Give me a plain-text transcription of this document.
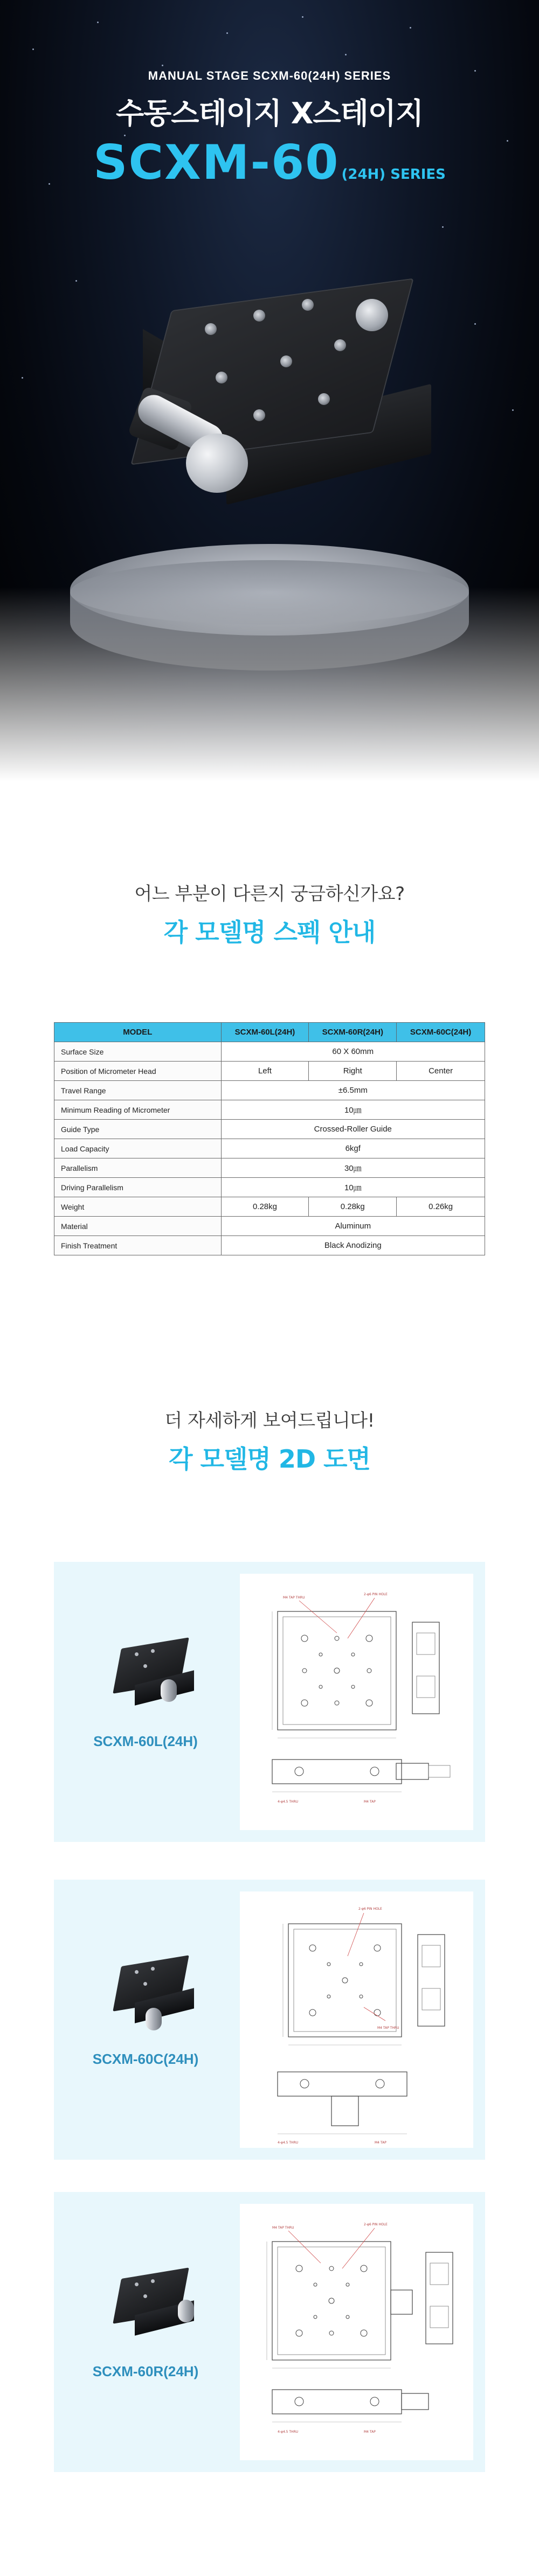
MANUAL STAGE SCXM-60(24H) SERIES
수동스테이지 X스테이지
SCXM-60 (24H) SERIES
어느 부분이 다른지 궁금하신가요?
각 모델명 스펙 안내
MODEL	SCXM-60L(24H)	SCXM-60R(24H)	SCXM-60C(24H)
Surface Size	60 X 60mm		
Position of Micrometer Head	Left	Right	Center
Travel Range	±6.5mm		
Minimum Reading of Micrometer	10㎛		
Guide Type	Crossed-Roller Guide		
Load Capacity	6kgf		
Parallelism	30㎛		
Driving Parallelism	10㎛		
Weight	0.28kg	0.28kg	0.26kg
Material	Aluminum		
Finish Treatment	Black Anodizing		
더 자세하게 보여드립니다!
각 모델명 2D 도면
SCXM-60L(24H)
M4 TAP THRU
2-φ6 PIN HOLE
4-φ4.5 THRU	M4 TAP
SCXM-60C(24H)
2-φ6 PIN HOLE
M4 TAP THRU
4-φ4.5 THRU	M4 TAP
SCXM-60R(24H)
M4 TAP THRU
2-φ6 PIN HOLE
4-φ4.5 THRU	M4 TAP
